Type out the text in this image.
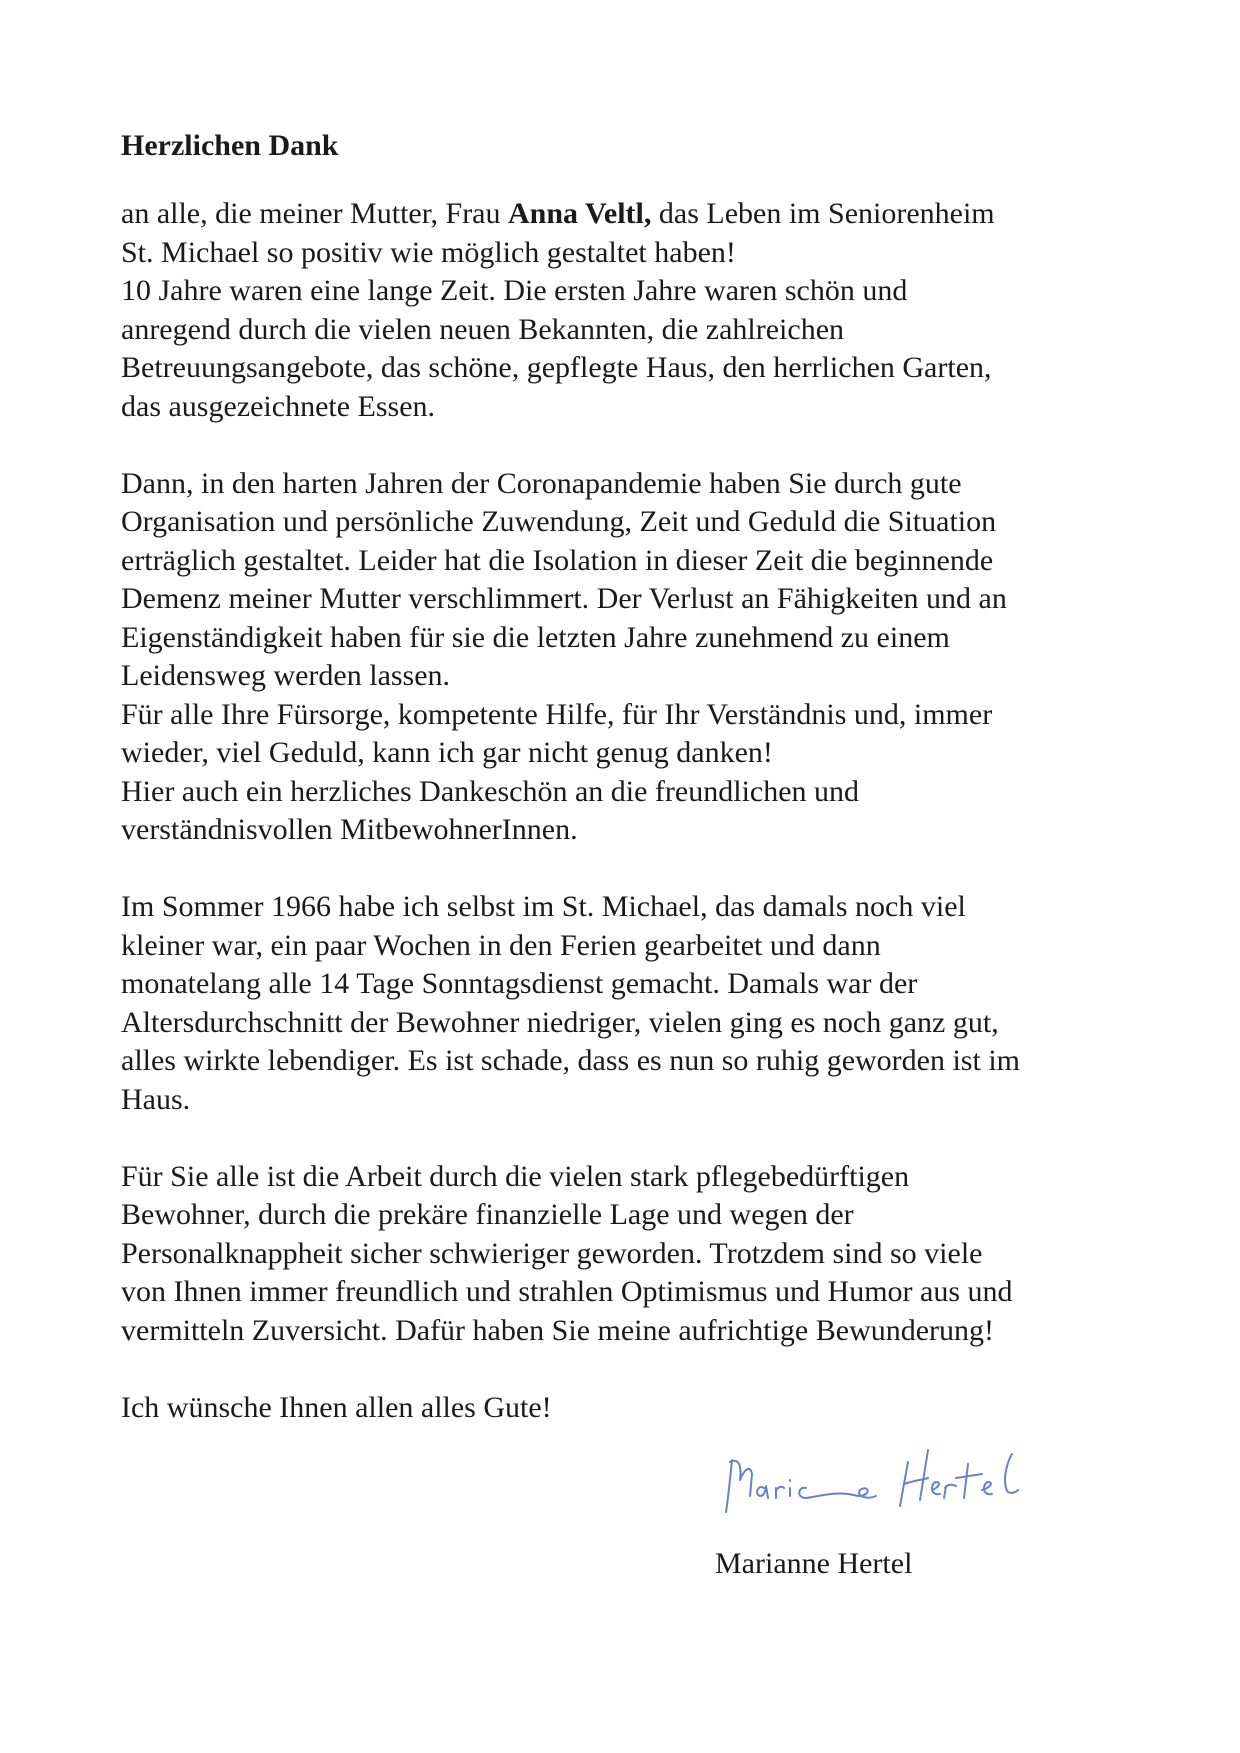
Herzlichen Dank

an alle, die meiner Mutter, Frau Anna Veltl, das Leben im Seniorenheim

St. Michael so positiv wie möglich gestaltet haben!

10 Jahre waren eine lange Zeit. Die ersten Jahre waren schön und

anregend durch die vielen neuen Bekannten, die zahlreichen

Betreuungsangebote, das schöne, gepflegte Haus, den herrlichen Garten,

das ausgezeichnete Essen.

Dann, in den harten Jahren der Coronapandemie haben Sie durch gute

Organisation und persönliche Zuwendung, Zeit und Geduld die Situation

erträglich gestaltet. Leider hat die Isolation in dieser Zeit die beginnende

Demenz meiner Mutter verschlimmert. Der Verlust an Fähigkeiten und an

Eigenständigkeit haben für sie die letzten Jahre zunehmend zu einem

Leidensweg werden lassen.

Für alle Ihre Fürsorge, kompetente Hilfe, für Ihr Verständnis und, immer

wieder, viel Geduld, kann ich gar nicht genug danken!

Hier auch ein herzliches Dankeschön an die freundlichen und

verständnisvollen MitbewohnerInnen.

Im Sommer 1966 habe ich selbst im St. Michael, das damals noch viel

kleiner war, ein paar Wochen in den Ferien gearbeitet und dann

monatelang alle 14 Tage Sonntagsdienst gemacht. Damals war der

Altersdurchschnitt der Bewohner niedriger, vielen ging es noch ganz gut,

alles wirkte lebendiger. Es ist schade, dass es nun so ruhig geworden ist im

Haus.

Für Sie alle ist die Arbeit durch die vielen stark pflegebedürftigen

Bewohner, durch die prekäre finanzielle Lage und wegen der

Personalknappheit sicher schwieriger geworden. Trotzdem sind so viele

von Ihnen immer freundlich und strahlen Optimismus und Humor aus und

vermitteln Zuversicht. Dafür haben Sie meine aufrichtige Bewunderung!

Ich wünsche Ihnen allen alles Gute!

Marianne Hertel
